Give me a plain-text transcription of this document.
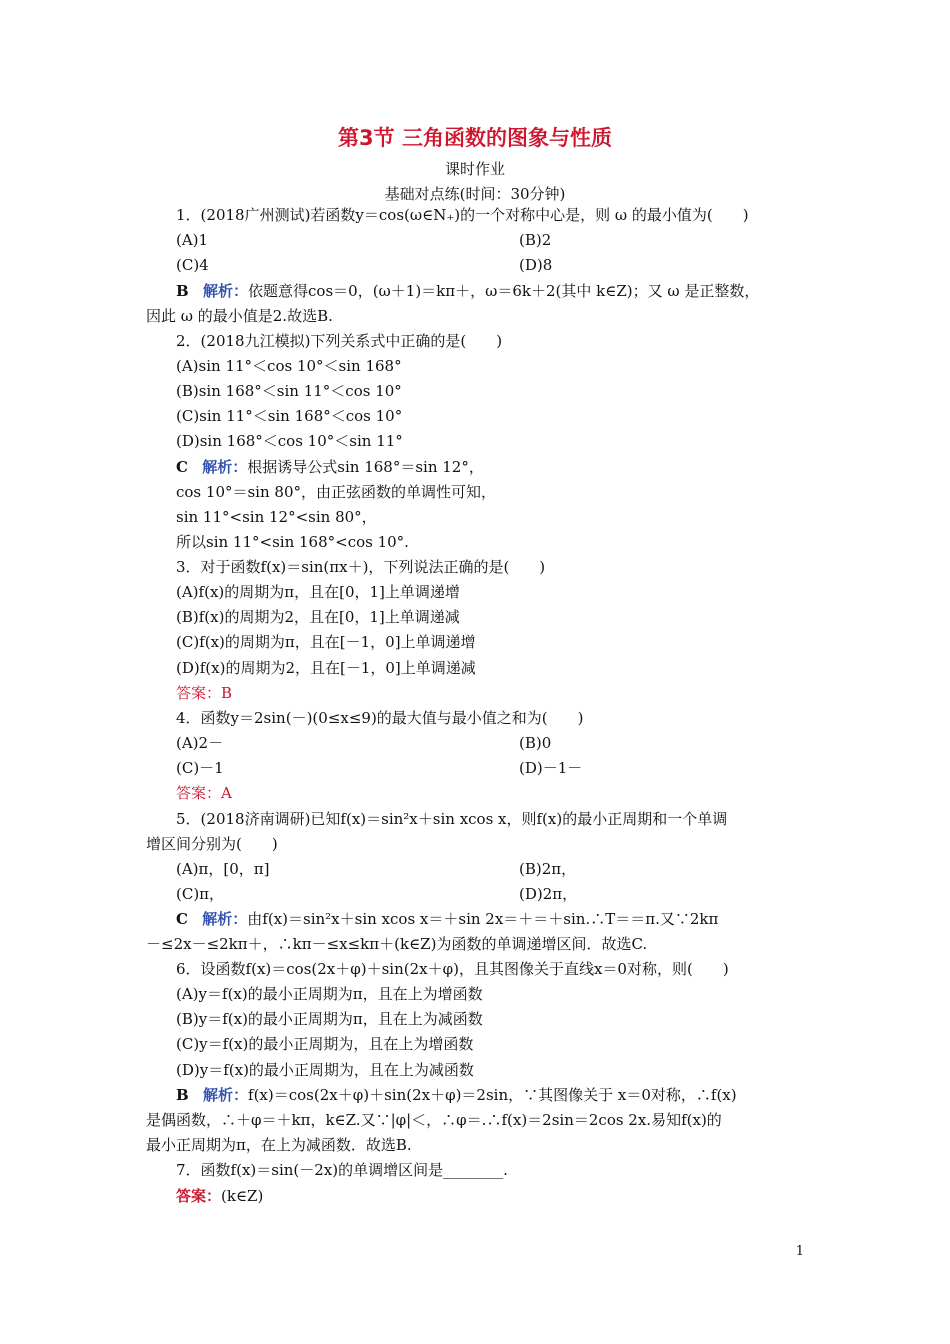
第3节 三角函数的图象与性质
课时作业
基础对点练(时间：30分钟)
1．(2018广州测试)若函数y＝cos(ω∈N₊)的一个对称中心是，则 ω 的最小值为(　　)
(A)1	(B)2
(C)4	(D)8
B 解析：依题意得cos＝0，(ω＋1)＝kπ＋，ω＝6k＋2(其中 k∈Z)；又 ω 是正整数，
因此 ω 的最小值是2.故选B.
2．(2018九江模拟)下列关系式中正确的是(　　)
(A)sin 11°＜cos 10°＜sin 168°
(B)sin 168°＜sin 11°＜cos 10°
(C)sin 11°＜sin 168°＜cos 10°
(D)sin 168°＜cos 10°＜sin 11°
C 解析：根据诱导公式sin 168°＝sin 12°，
cos 10°＝sin 80°，由正弦函数的单调性可知，
sin 11°<sin 12°<sin 80°，
所以sin 11°<sin 168°<cos 10°.
3．对于函数f(x)＝sin(πx＋)，下列说法正确的是(　　)
(A)f(x)的周期为π，且在[0，1]上单调递增
(B)f(x)的周期为2，且在[0，1]上单调递减
(C)f(x)的周期为π，且在[－1，0]上单调递增
(D)f(x)的周期为2，且在[－1，0]上单调递减
答案：B
4．函数y＝2sin(－)(0≤x≤9)的最大值与最小值之和为(　　)
(A)2－	(B)0
(C)－1	(D)－1－
答案：A
5．(2018济南调研)已知f(x)＝sin²x＋sin xcos x，则f(x)的最小正周期和一个单调
增区间分别为(　　)
(A)π，[0，π]	(B)2π，
(C)π，	(D)2π，
C 解析：由f(x)＝sin²x＋sin xcos x＝＋sin 2x＝＋＝＋sin.∴T＝＝π.又∵2kπ
－≤2x－≤2kπ＋，∴kπ－≤x≤kπ＋(k∈Z)为函数的单调递增区间．故选C.
6．设函数f(x)＝cos(2x＋φ)＋sin(2x＋φ)，且其图像关于直线x＝0对称，则(　　)
(A)y＝f(x)的最小正周期为π，且在上为增函数
(B)y＝f(x)的最小正周期为π，且在上为减函数
(C)y＝f(x)的最小正周期为，且在上为增函数
(D)y＝f(x)的最小正周期为，且在上为减函数
B 解析：f(x)＝cos(2x＋φ)＋sin(2x＋φ)＝2sin，∵其图像关于 x＝0对称，∴f(x)
是偶函数，∴＋φ＝＋kπ，k∈Z.又∵|φ|＜，∴φ＝.∴f(x)＝2sin＝2cos 2x.易知f(x)的
最小正周期为π，在上为减函数．故选B.
7．函数f(x)＝sin(－2x)的单调增区间是________.
答案：(k∈Z)
1
